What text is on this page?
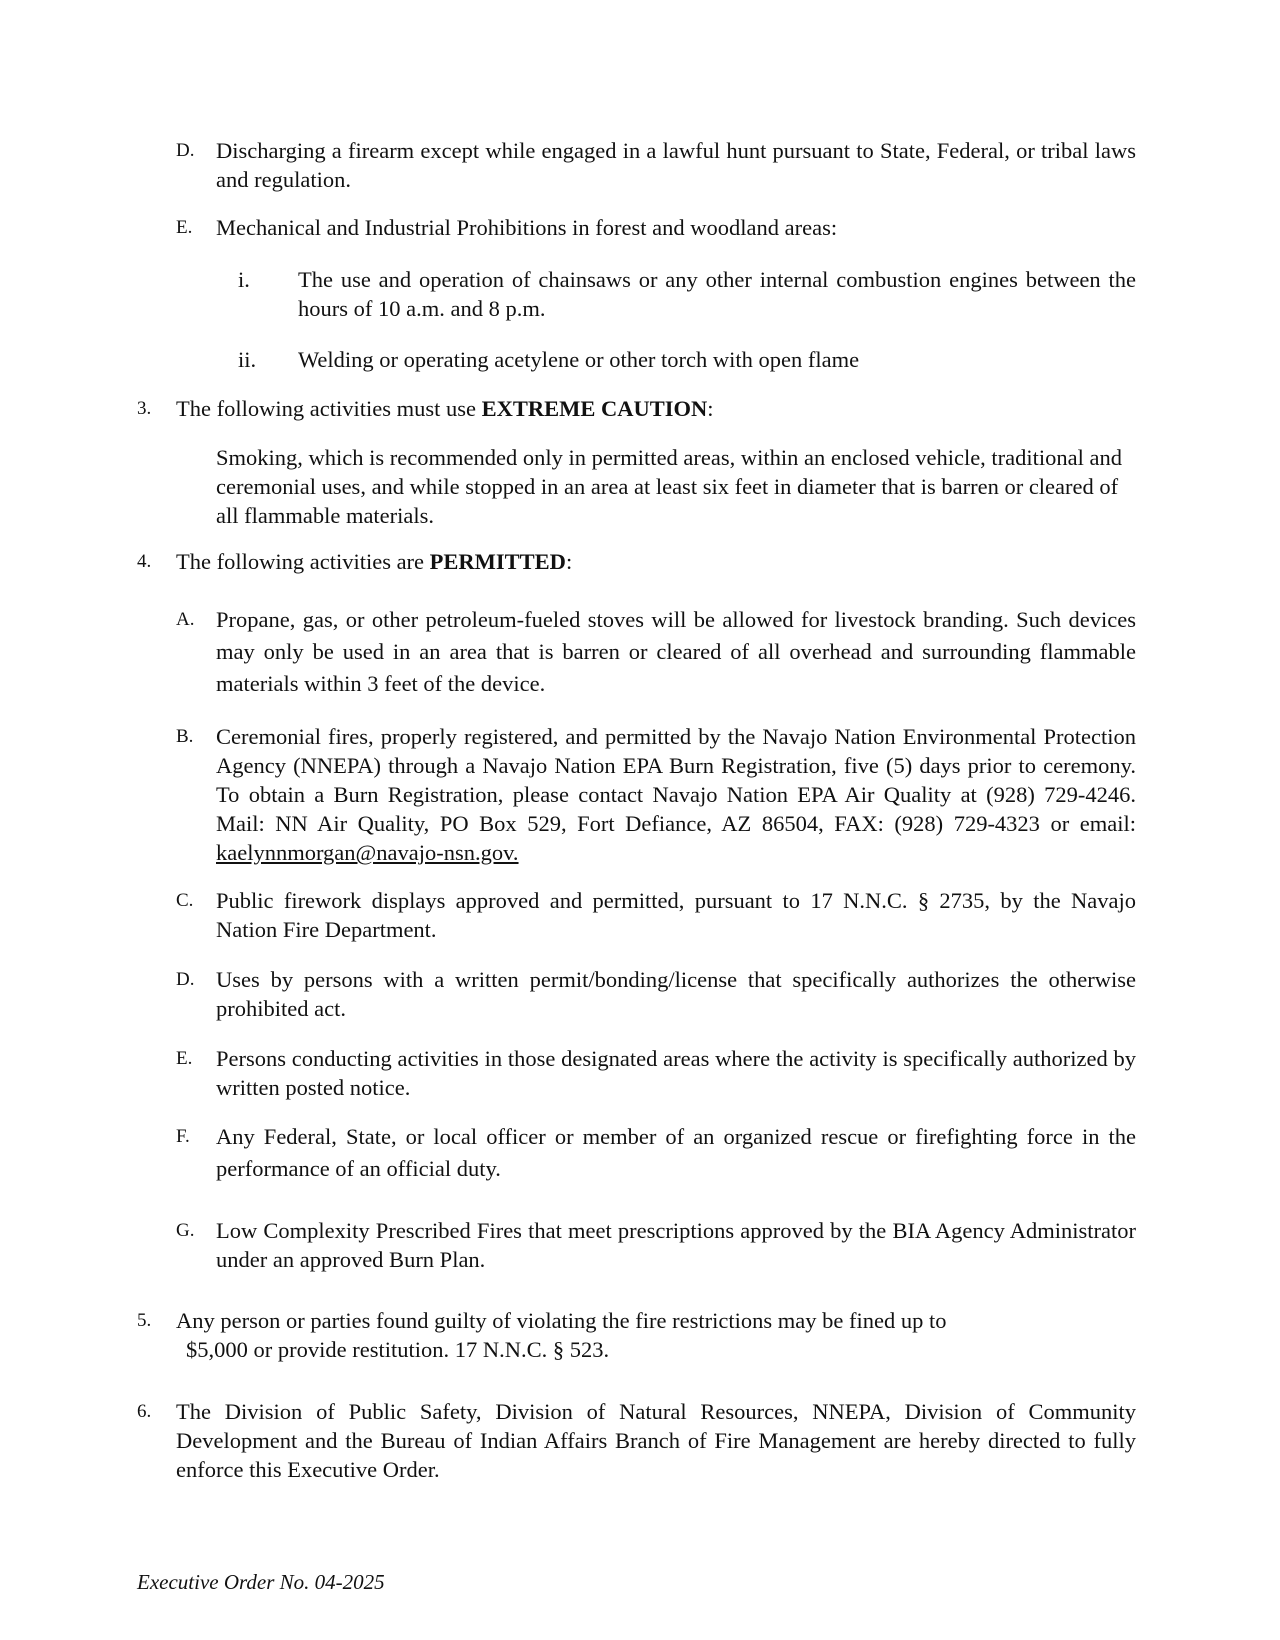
D. Discharging a firearm except while engaged in a lawful hunt pursuant to State, Federal, or tribal laws and regulation.
E.	Mechanical and Industrial Prohibitions in forest and woodland areas:
i.	The use and operation of chainsaws or any other internal combustion engines between the hours of 10 a.m. and 8 p.m.
ii.	Welding or operating acetylene or other torch with open flame
3.	The following activities must use EXTREME CAUTION:
Smoking, which is recommended only in permitted areas, within an enclosed vehicle, traditional and ceremonial uses, and while stopped in an area at least six feet in diameter that is barren or cleared of all flammable materials.
4.	The following activities are PERMITTED:
A. Propane, gas, or other petroleum-fueled stoves will be allowed for livestock branding. Such devices may only be used in an area that is barren or cleared of all overhead and surrounding flammable materials within 3 feet of the device.
B.	Ceremonial fires, properly registered, and permitted by the Navajo Nation Environmental Protection Agency (NNEPA) through a Navajo Nation EPA Burn Registration, five (5) days prior to ceremony. To obtain a Burn Registration, please contact Navajo Nation EPA Air Quality at (928) 729-4246. Mail: NN Air Quality, PO Box 529, Fort Defiance, AZ 86504, FAX: (928) 729-4323 or email: kaelynnmorgan@navajo-nsn.gov.
C.	Public firework displays approved and permitted, pursuant to 17 N.N.C. § 2735, by the Navajo Nation Fire Department.
D. Uses by persons with a written permit/bonding/license that specifically authorizes the otherwise prohibited act.
E.	Persons conducting activities in those designated areas where the activity is specifically authorized by written posted notice.
F.	Any Federal, State, or local officer or member of an organized rescue or firefighting force in the performance of an official duty.
G. Low Complexity Prescribed Fires that meet prescriptions approved by the BIA Agency Administrator under an approved Burn Plan.
5.	Any person or parties found guilty of violating the fire restrictions may be fined up to
$5,000 or provide restitution. 17 N.N.C. § 523.
6.	The Division of Public Safety, Division of Natural Resources, NNEPA, Division of Community Development and the Bureau of Indian Affairs Branch of Fire Management are hereby directed to fully enforce this Executive Order.
Executive Order No. 04-2025
